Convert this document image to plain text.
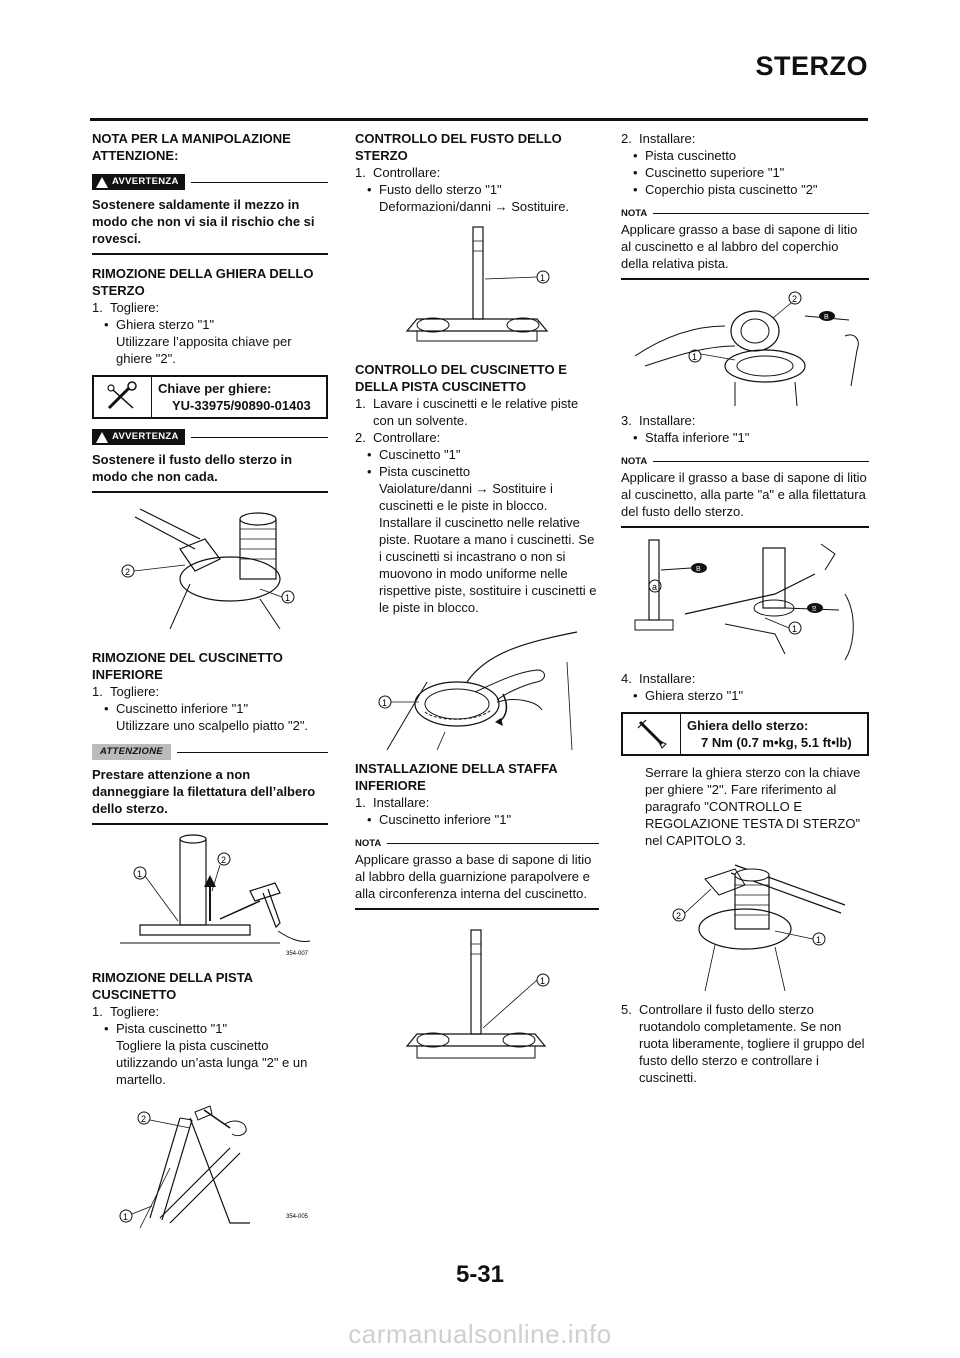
STERZO
NOTA PER LA MANIPOLAZIONE ATTENZIONE:
AVVERTENZA
Sostenere saldamente il mezzo in modo che non vi sia il rischio che si rovesci.
RIMOZIONE DELLA GHIERA DELLO STERZO
1. Togliere:
• Ghiera sterzo "1"
Utilizzare l’apposita chiave per ghiere "2".
Chiave per ghiere:
YU-33975/90890-01403
AVVERTENZA
Sostenere il fusto dello sterzo in modo che non cada.
2
1
RIMOZIONE DEL CUSCINETTO INFERIORE
1. Togliere:
• Cuscinetto inferiore "1"
Utilizzare uno scalpello piatto "2".
ATTENZIONE
Prestare attenzione a non danneggiare la filettatura dell’albero dello sterzo.
1
2
354-007
RIMOZIONE DELLA PISTA CUSCINETTO
1. Togliere:
• Pista cuscinetto "1"
Togliere la pista cuscinetto utilizzando un’asta lunga "2" e un martello.
2
1	354-005
CONTROLLO DEL FUSTO DELLO STERZO
1. Controllare:
• Fusto dello sterzo "1"
Deformazioni/danni → Sostituire.
1
CONTROLLO DEL CUSCINETTO E DELLA PISTA CUSCINETTO
1. Lavare i cuscinetti e le relative piste con un solvente.
2. Controllare:
• Cuscinetto "1"
• Pista cuscinetto
Vaiolature/danni → Sostituire i cuscinetti e le piste in blocco. Installare il cuscinetto nelle relative piste. Ruotare a mano i cuscinetti. Se i cuscinetti si incastrano o non si muovono in modo uniforme nelle rispettive piste, sostituire i cuscinetti e le piste in blocco.
1
INSTALLAZIONE DELLA STAFFA INFERIORE
1. Installare:
• Cuscinetto inferiore "1"
NOTA
Applicare grasso a base di sapone di litio al labbro della guarnizione parapolvere e alla circonferenza interna del cuscinetto.
1
2. Installare:
• Pista cuscinetto
• Cuscinetto superiore "1"
• Coperchio pista cuscinetto "2"
NOTA
Applicare grasso a base di sapone di litio al cuscinetto e al labbro del coperchio della relativa pista.
B
2
1
3. Installare:
• Staffa inferiore "1"
NOTA
Applicare il grasso a base di sapone di litio al cuscinetto, alla parte "a" e alla filettatura del fusto dello sterzo.
B
a
1
4. Installare:
• Ghiera sterzo "1"
Ghiera dello sterzo:
7 Nm (0.7 m•kg, 5.1 ft•lb)
Serrare la ghiera sterzo con la chiave per ghiere "2". Fare riferimento al paragrafo "CONTROLLO E REGOLAZIONE TESTA DI STERZO" nel CAPITOLO 3.
2
1
5. Controllare il fusto dello sterzo ruotandolo completamente. Se non ruota liberamente, togliere il gruppo del fusto dello sterzo e controllare i cuscinetti.
5-31
carmanualsonline.info
